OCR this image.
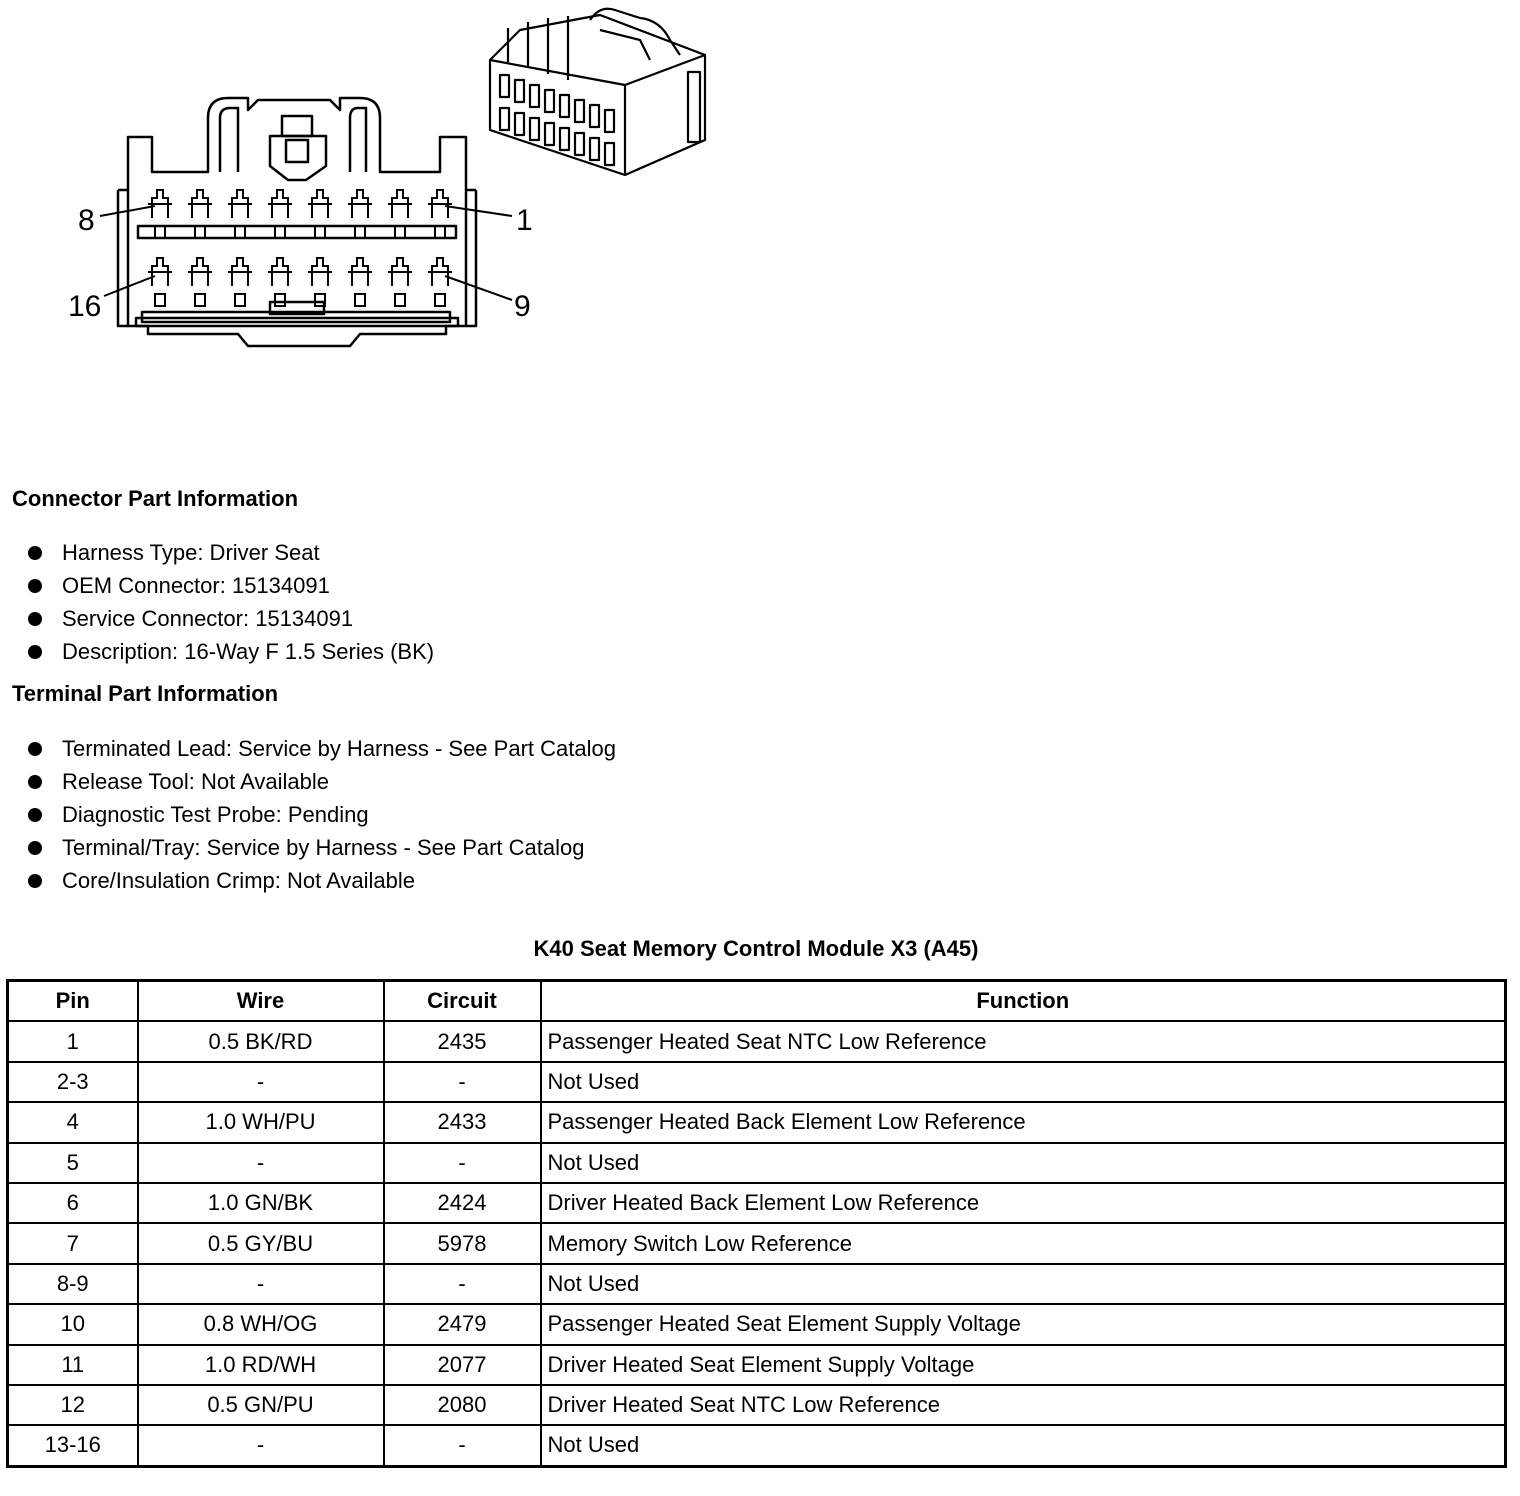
8	1
16	9
Connector Part Information
Harness Type: Driver Seat
OEM Connector: 15134091
Service Connector: 15134091
Description: 16-Way F 1.5 Series (BK)
Terminal Part Information
Terminated Lead: Service by Harness - See Part Catalog
Release Tool: Not Available
Diagnostic Test Probe: Pending
Terminal/Tray: Service by Harness - See Part Catalog
Core/Insulation Crimp: Not Available
K40 Seat Memory Control Module X3 (A45)
Pin	Wire	Circuit	Function
1	0.5 BK/RD	2435	Passenger Heated Seat NTC Low Reference
2-3	-	-	Not Used
4	1.0 WH/PU	2433	Passenger Heated Back Element Low Reference
5	-	-	Not Used
6	1.0 GN/BK	2424	Driver Heated Back Element Low Reference
7	0.5 GY/BU	5978	Memory Switch Low Reference
8-9	-	-	Not Used
10	0.8 WH/OG	2479	Passenger Heated Seat Element Supply Voltage
11	1.0 RD/WH	2077	Driver Heated Seat Element Supply Voltage
12	0.5 GN/PU	2080	Driver Heated Seat NTC Low Reference
13-16	-	-	Not Used
